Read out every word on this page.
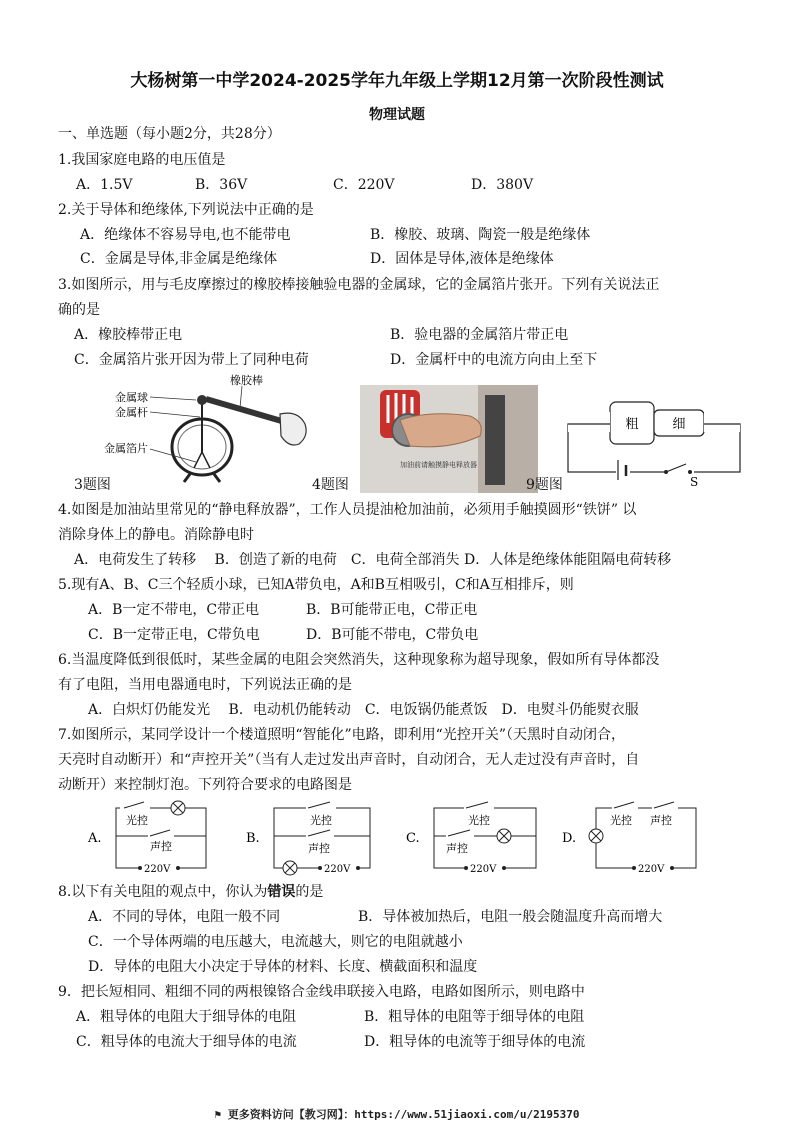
大杨树第一中学2024-2025学年九年级上学期12月第一次阶段性测试
物理试题
一、单选题（每小题2分，共28分）
1.我国家庭电路的电压值是
A．1.5V	B．36V	C．220V	D．380V
2.关于导体和绝缘体,下列说法中正确的是
A．绝缘体不容易导电,也不能带电	B．橡胶、玻璃、陶瓷一般是绝缘体
C．金属是导体,非金属是绝缘体	D．固体是导体,液体是绝缘体
3.如图所示，用与毛皮摩擦过的橡胶棒接触验电器的金属球，它的金属箔片张开。下列有关说法正
确的是
A．橡胶棒带正电	B．验电器的金属箔片带正电
C．金属箔片张开因为带上了同种电荷	D．金属杆中的电流方向由上至下
金属球
金属杆
金属箔片
橡胶棒
3题图
加油前请触摸静电释放器
4题图
粗	细
S
9题图
4.如图是加油站里常见的“静电释放器”，工作人员提油枪加油前，必须用手触摸圆形“铁饼” 以
消除身体上的静电。消除静电时
A．电荷发生了转移　 B．创造了新的电荷　C．电荷全部消失 D．人体是绝缘体能阻隔电荷转移
5.现有A、B、C三个轻质小球，已知A带负电，A和B互相吸引，C和A互相排斥，则
A．B一定不带电，C带正电	B．B可能带正电，C带正电
C．B一定带正电，C带负电	D．B可能不带电，C带负电
6.当温度降低到很低时，某些金属的电阻会突然消失，这种现象称为超导现象，假如所有导体都没
有了电阻，当用电器通电时，下列说法正确的是
A．白炽灯仍能发光　 B．电动机仍能转动　C．电饭锅仍能煮饭　D．电熨斗仍能熨衣服
7.如图所示，某同学设计一个楼道照明“智能化”电路，即利用“光控开关”（天黑时自动闭合，
天亮时自动断开）和“声控开关”（当有人走过发出声音时，自动闭合，无人走过没有声音时，自
动断开）来控制灯泡。下列符合要求的电路图是
A.
光控
声控
220V
B.
光控
声控
220V
C.
光控
声控
220V
D.
光控 声控
220V
8.以下有关电阻的观点中，你认为错误的是
A．不同的导体，电阻一般不同	B．导体被加热后，电阻一般会随温度升高而增大
C．一个导体两端的电压越大，电流越大，则它的电阻就越小
D．导体的电阻大小决定于导体的材料、长度、横截面积和温度
9．把长短相同、粗细不同的两根镍铬合金线串联接入电路，电路如图所示，则电路中
A．粗导体的电阻大于细导体的电阻	B．粗导体的电阻等于细导体的电阻
C．粗导体的电流大于细导体的电流	D．粗导体的电流等于细导体的电流
⚑ 更多资料访问【教习网】：https://www.51jiaoxi.com/u/2195370
